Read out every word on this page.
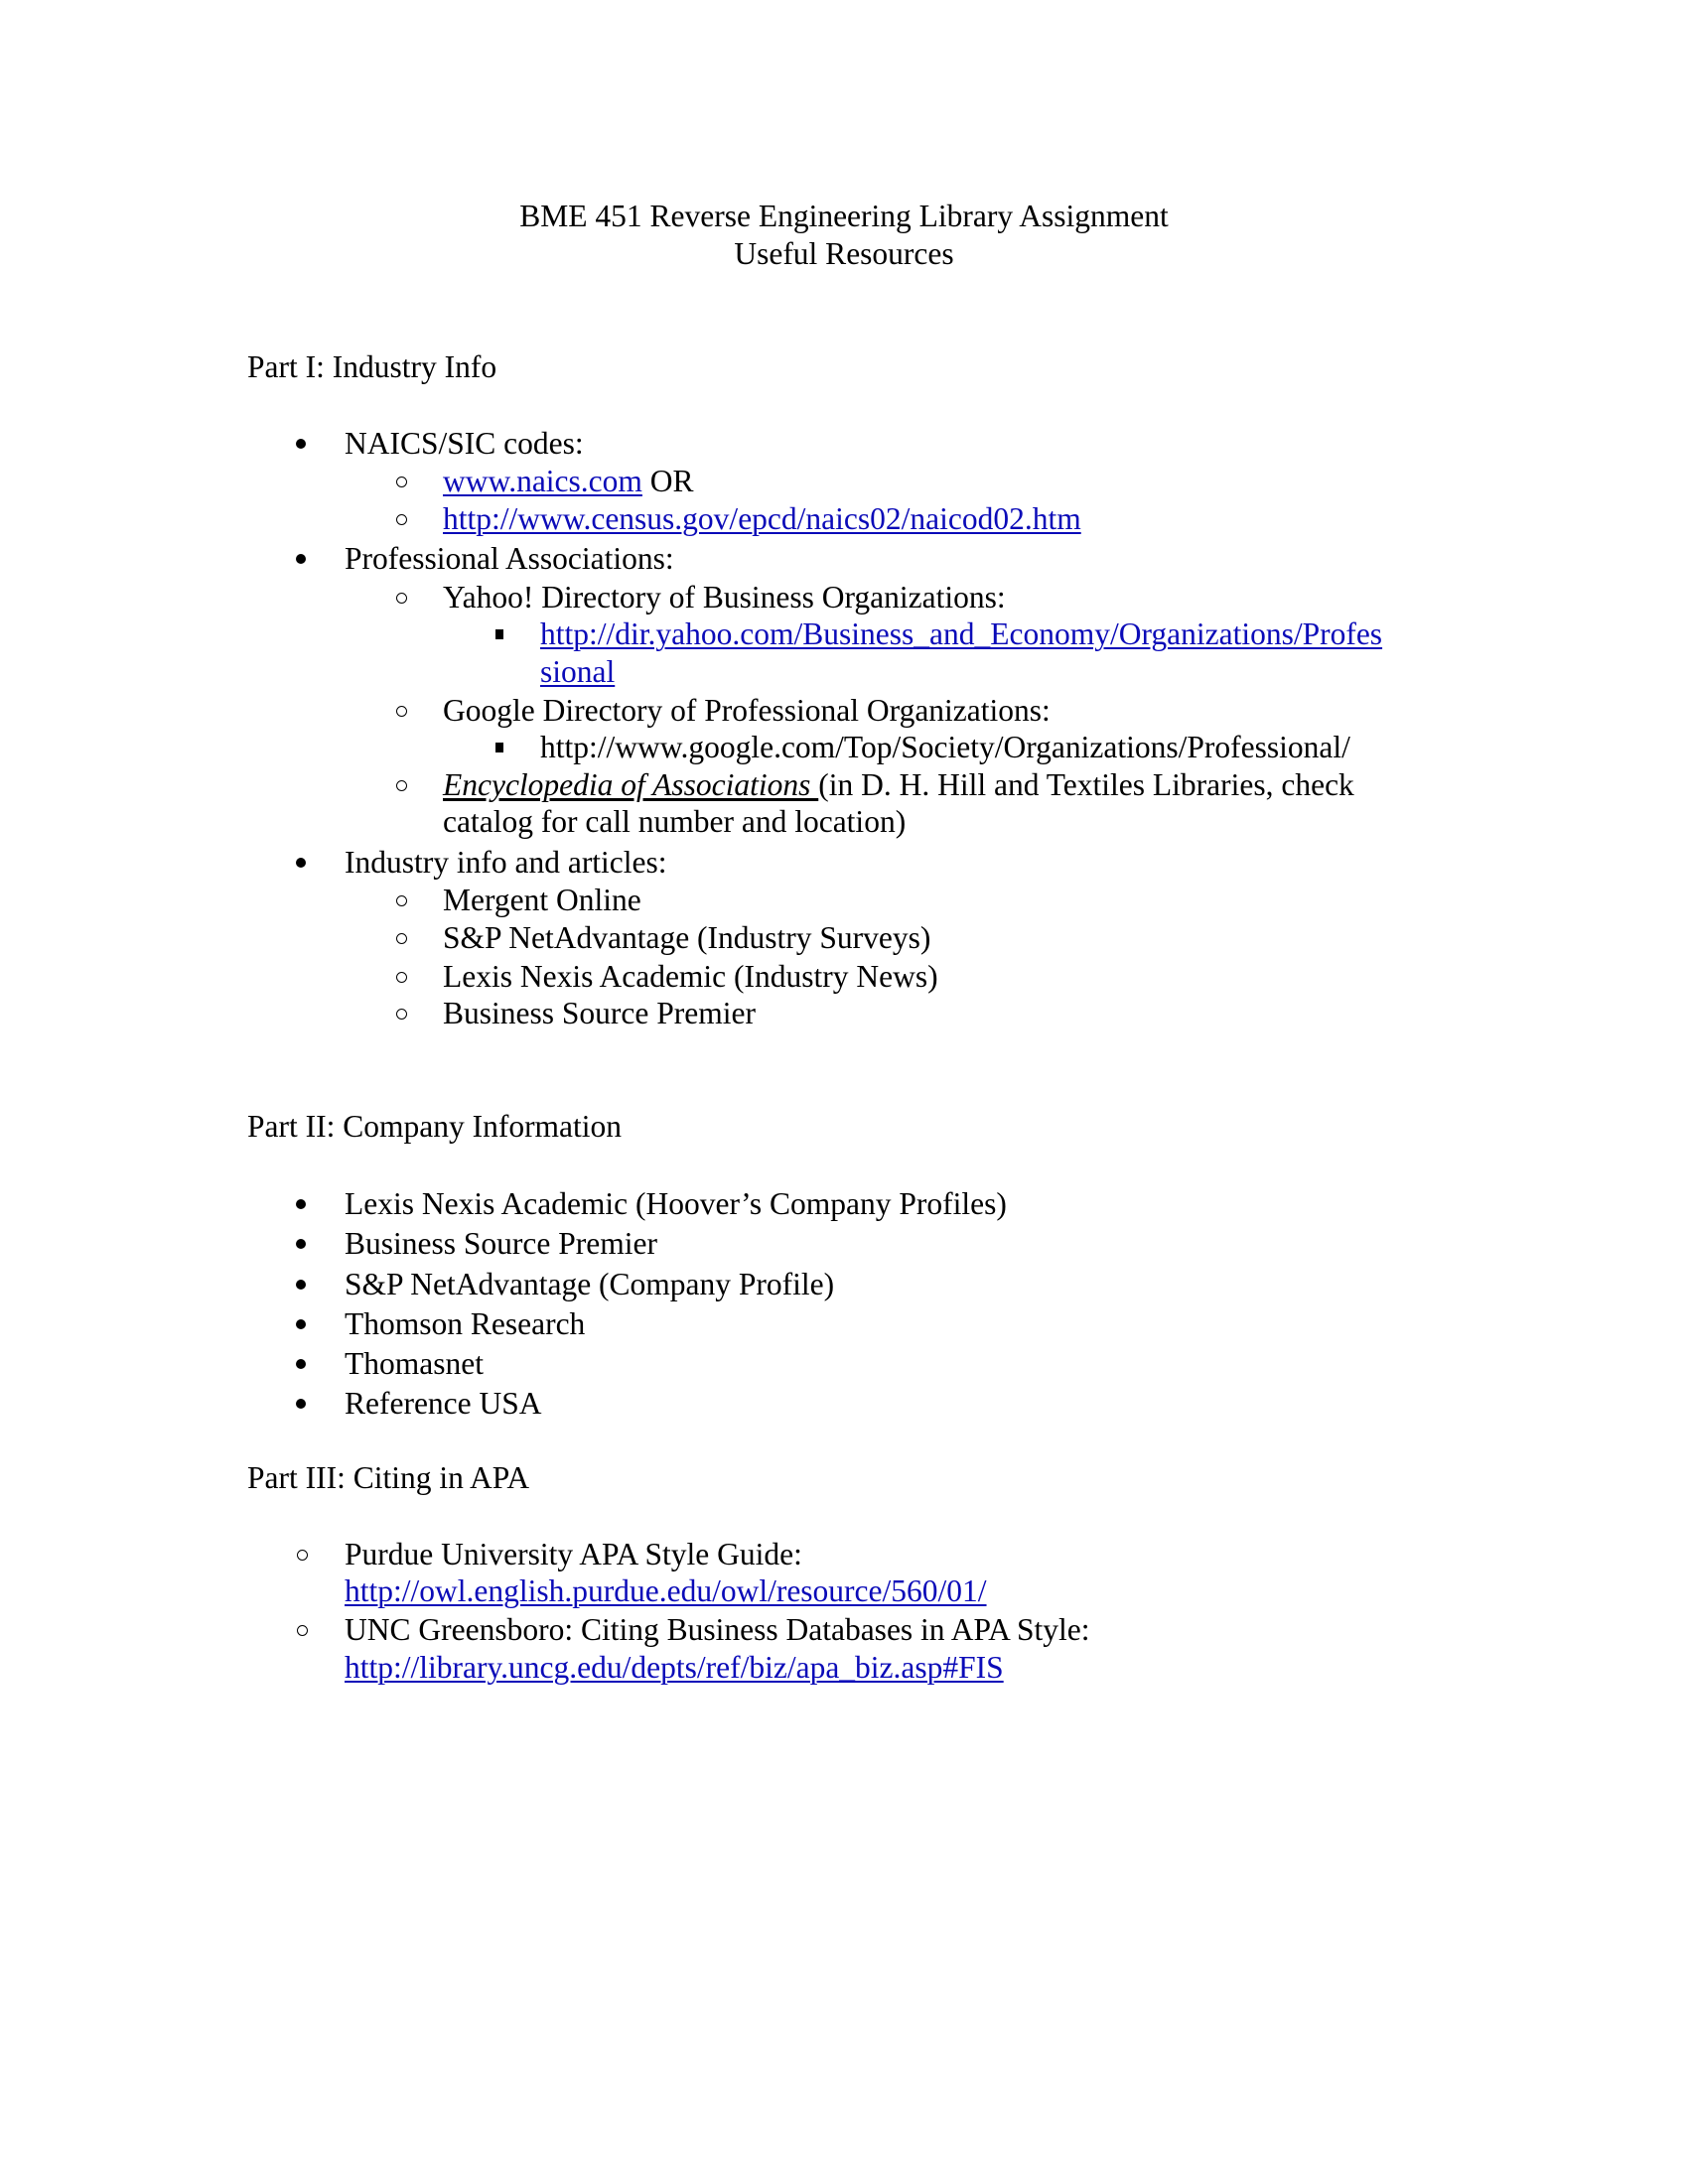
BME 451 Reverse Engineering Library Assignment
Useful Resources
Part I: Industry Info
NAICS/SIC codes:
www.naics.com OR
http://www.census.gov/epcd/naics02/naicod02.htm
Professional Associations:
Yahoo! Directory of Business Organizations:
http://dir.yahoo.com/Business_and_Economy/Organizations/Profes
sional
Google Directory of Professional Organizations:
http://www.google.com/Top/Society/Organizations/Professional/
Encyclopedia of Associations (in D. H. Hill and Textiles Libraries, check
catalog for call number and location)
Industry info and articles:
Mergent Online
S&P NetAdvantage (Industry Surveys)
Lexis Nexis Academic (Industry News)
Business Source Premier
Part II: Company Information
Lexis Nexis Academic (Hoover’s Company Profiles)
Business Source Premier
S&P NetAdvantage (Company Profile)
Thomson Research
Thomasnet
Reference USA
Part III: Citing in APA
Purdue University APA Style Guide:
http://owl.english.purdue.edu/owl/resource/560/01/
UNC Greensboro: Citing Business Databases in APA Style:
http://library.uncg.edu/depts/ref/biz/apa_biz.asp#FIS
